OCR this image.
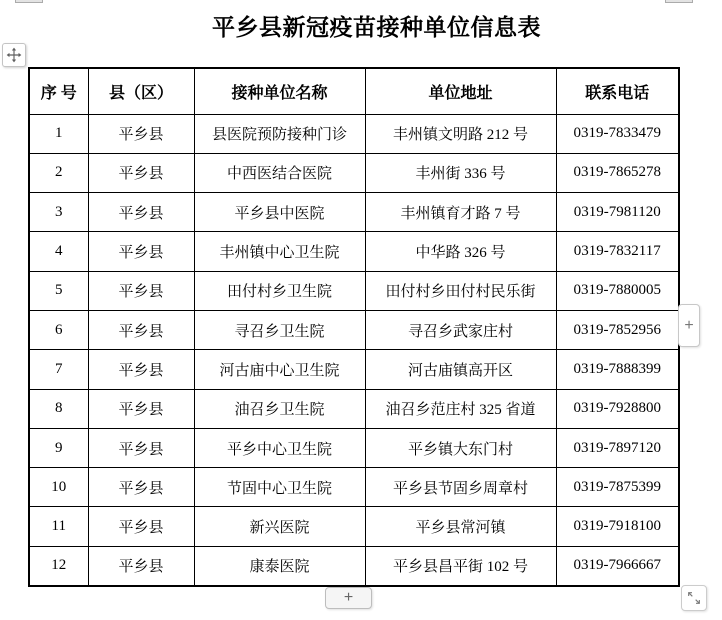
平乡县新冠疫苗接种单位信息表
序 号	县（区）	接种单位名称	单位地址	联系电话
1	平乡县	县医院预防接种门诊	丰州镇文明路 212 号	0319-7833479
2	平乡县	中西医结合医院	丰州街 336 号	0319-7865278
3	平乡县	平乡县中医院	丰州镇育才路 7 号	0319-7981120
4	平乡县	丰州镇中心卫生院	中华路 326 号	0319-7832117
5	平乡县	田付村乡卫生院	田付村乡田付村民乐街	0319-7880005
6	平乡县	寻召乡卫生院	寻召乡武家庄村	0319-7852956
7	平乡县	河古庙中心卫生院	河古庙镇高开区	0319-7888399
8	平乡县	油召乡卫生院	油召乡范庄村 325 省道	0319-7928800
9	平乡县	平乡中心卫生院	平乡镇大东门村	0319-7897120
10	平乡县	节固中心卫生院	平乡县节固乡周章村	0319-7875399
11	平乡县	新兴医院	平乡县常河镇	0319-7918100
12	平乡县	康泰医院	平乡县昌平街 102 号	0319-7966667
+
+
